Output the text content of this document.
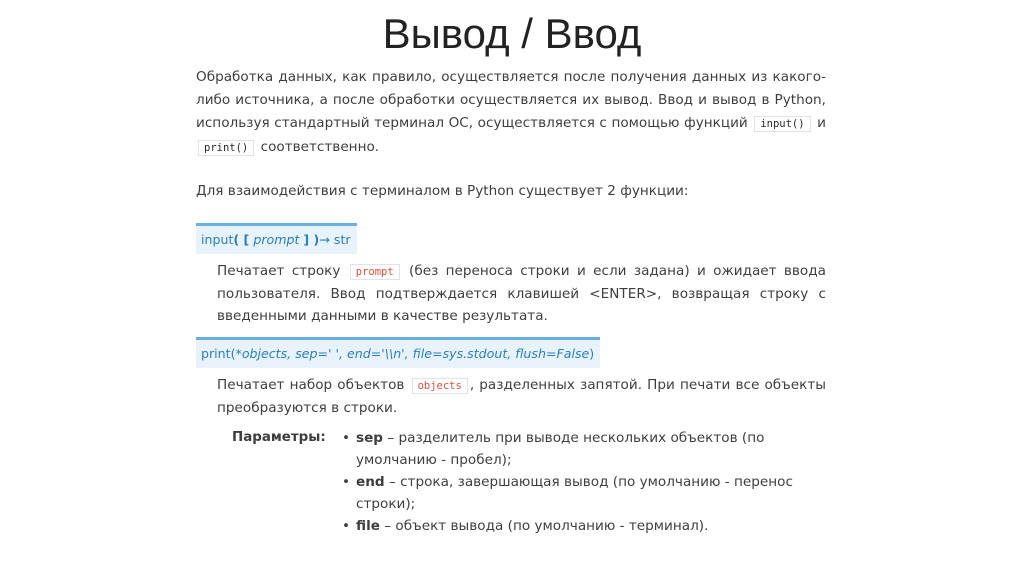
Вывод / Ввод

Обработка данных, как правило, осуществляется после получения данных из какого-либо источника, а после обработки осуществляется их вывод. Ввод и вывод в Python, используя стандартный терминал ОС, осуществляется с помощью функций input() и print() соответственно.

Для взаимодействия с терминалом в Python существует 2 функции:

input( [ prompt ] )→ str
Печатает строку prompt (без переноса строки и если задана) и ожидает ввода пользователя. Ввод подтверждается клавишей <ENTER>, возвращая строку с введенными данными в качестве результата.
print(*objects, sep=' ', end='\\n', file=sys.stdout, flush=False)
Печатает набор объектов objects , разделенных запятой. При печати все объекты преобразуются в строки.
Параметры:
•	sep – разделитель при выводе нескольких объектов (по умолчанию - пробел);
• end – строка, завершающая вывод (по умолчанию - перенос строки);
• file – объект вывода (по умолчанию - терминал).
